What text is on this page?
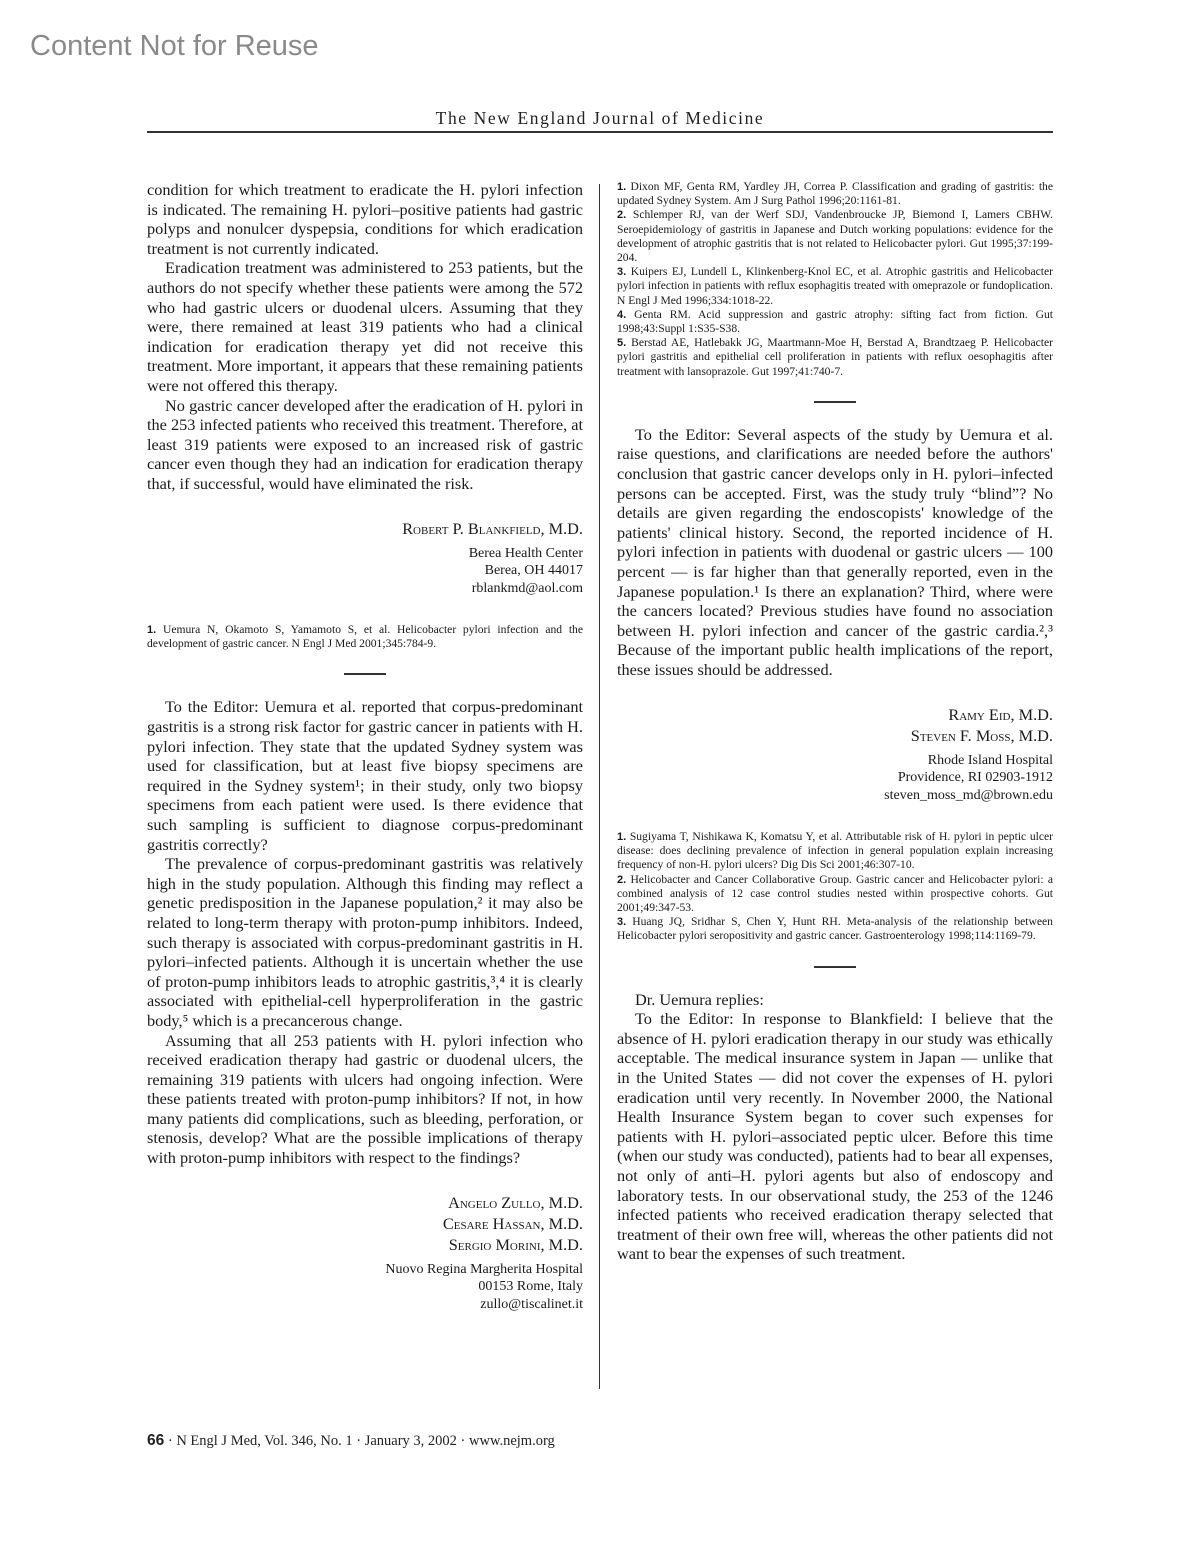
Content Not for Reuse
The New England Journal of Medicine

condition for which treatment to eradicate the H. pylori infection is indicated. The remaining H. pylori–positive patients had gastric polyps and nonulcer dyspepsia, conditions for which eradication treatment is not currently indicated.

Eradication treatment was administered to 253 patients, but the authors do not specify whether these patients were among the 572 who had gastric ulcers or duodenal ulcers. Assuming that they were, there remained at least 319 patients who had a clinical indication for eradication therapy yet did not receive this treatment. More important, it appears that these remaining patients were not offered this therapy.

No gastric cancer developed after the eradication of H. pylori in the 253 infected patients who received this treatment. Therefore, at least 319 patients were exposed to an increased risk of gastric cancer even though they had an indication for eradication therapy that, if successful, would have eliminated the risk.

Robert P. Blankfield, M.D.
Berea Health Center
Berea, OH 44017
rblankmd@aol.com

1. Uemura N, Okamoto S, Yamamoto S, et al. Helicobacter pylori infection and the development of gastric cancer. N Engl J Med 2001;345:784-9.

To the Editor: Uemura et al. reported that corpus-predominant gastritis is a strong risk factor for gastric cancer in patients with H. pylori infection. They state that the updated Sydney system was used for classification, but at least five biopsy specimens are required in the Sydney system¹; in their study, only two biopsy specimens from each patient were used. Is there evidence that such sampling is sufficient to diagnose corpus-predominant gastritis correctly?

The prevalence of corpus-predominant gastritis was relatively high in the study population. Although this finding may reflect a genetic predisposition in the Japanese population,² it may also be related to long-term therapy with proton-pump inhibitors. Indeed, such therapy is associated with corpus-predominant gastritis in H. pylori–infected patients. Although it is uncertain whether the use of proton-pump inhibitors leads to atrophic gastritis,³,⁴ it is clearly associated with epithelial-cell hyperproliferation in the gastric body,⁵ which is a precancerous change.

Assuming that all 253 patients with H. pylori infection who received eradication therapy had gastric or duodenal ulcers, the remaining 319 patients with ulcers had ongoing infection. Were these patients treated with proton-pump inhibitors? If not, in how many patients did complications, such as bleeding, perforation, or stenosis, develop? What are the possible implications of therapy with proton-pump inhibitors with respect to the findings?

Angelo Zullo, M.D.
Cesare Hassan, M.D.
Sergio Morini, M.D.
Nuovo Regina Margherita Hospital
00153 Rome, Italy
zullo@tiscalinet.it

1. Dixon MF, Genta RM, Yardley JH, Correa P. Classification and grading of gastritis: the updated Sydney System. Am J Surg Pathol 1996;20:1161-81.

2. Schlemper RJ, van der Werf SDJ, Vandenbroucke JP, Biemond I, Lamers CBHW. Seroepidemiology of gastritis in Japanese and Dutch working populations: evidence for the development of atrophic gastritis that is not related to Helicobacter pylori. Gut 1995;37:199-204.

3. Kuipers EJ, Lundell L, Klinkenberg-Knol EC, et al. Atrophic gastritis and Helicobacter pylori infection in patients with reflux esophagitis treated with omeprazole or fundoplication. N Engl J Med 1996;334:1018-22.

4. Genta RM. Acid suppression and gastric atrophy: sifting fact from fiction. Gut 1998;43:Suppl 1:S35-S38.

5. Berstad AE, Hatlebakk JG, Maartmann-Moe H, Berstad A, Brandtzaeg P. Helicobacter pylori gastritis and epithelial cell proliferation in patients with reflux oesophagitis after treatment with lansoprazole. Gut 1997;41:740-7.

To the Editor: Several aspects of the study by Uemura et al. raise questions, and clarifications are needed before the authors' conclusion that gastric cancer develops only in H. pylori–infected persons can be accepted. First, was the study truly “blind”? No details are given regarding the endoscopists' knowledge of the patients' clinical history. Second, the reported incidence of H. pylori infection in patients with duodenal or gastric ulcers — 100 percent — is far higher than that generally reported, even in the Japanese population.¹ Is there an explanation? Third, where were the cancers located? Previous studies have found no association between H. pylori infection and cancer of the gastric cardia.²,³ Because of the important public health implications of the report, these issues should be addressed.

Ramy Eid, M.D.
Steven F. Moss, M.D.
Rhode Island Hospital
Providence, RI 02903-1912
steven_moss_md@brown.edu

1. Sugiyama T, Nishikawa K, Komatsu Y, et al. Attributable risk of H. pylori in peptic ulcer disease: does declining prevalence of infection in general population explain increasing frequency of non-H. pylori ulcers? Dig Dis Sci 2001;46:307-10.

2. Helicobacter and Cancer Collaborative Group. Gastric cancer and Helicobacter pylori: a combined analysis of 12 case control studies nested within prospective cohorts. Gut 2001;49:347-53.

3. Huang JQ, Sridhar S, Chen Y, Hunt RH. Meta-analysis of the relationship between Helicobacter pylori seropositivity and gastric cancer. Gastroenterology 1998;114:1169-79.

Dr. Uemura replies:

To the Editor: In response to Blankfield: I believe that the absence of H. pylori eradication therapy in our study was ethically acceptable. The medical insurance system in Japan — unlike that in the United States — did not cover the expenses of H. pylori eradication until very recently. In November 2000, the National Health Insurance System began to cover such expenses for patients with H. pylori–associated peptic ulcer. Before this time (when our study was conducted), patients had to bear all expenses, not only of anti–H. pylori agents but also of endoscopy and laboratory tests. In our observational study, the 253 of the 1246 infected patients who received eradication therapy selected that treatment of their own free will, whereas the other patients did not want to bear the expenses of such treatment.

66 · N Engl J Med, Vol. 346, No. 1 · January 3, 2002 · www.nejm.org
